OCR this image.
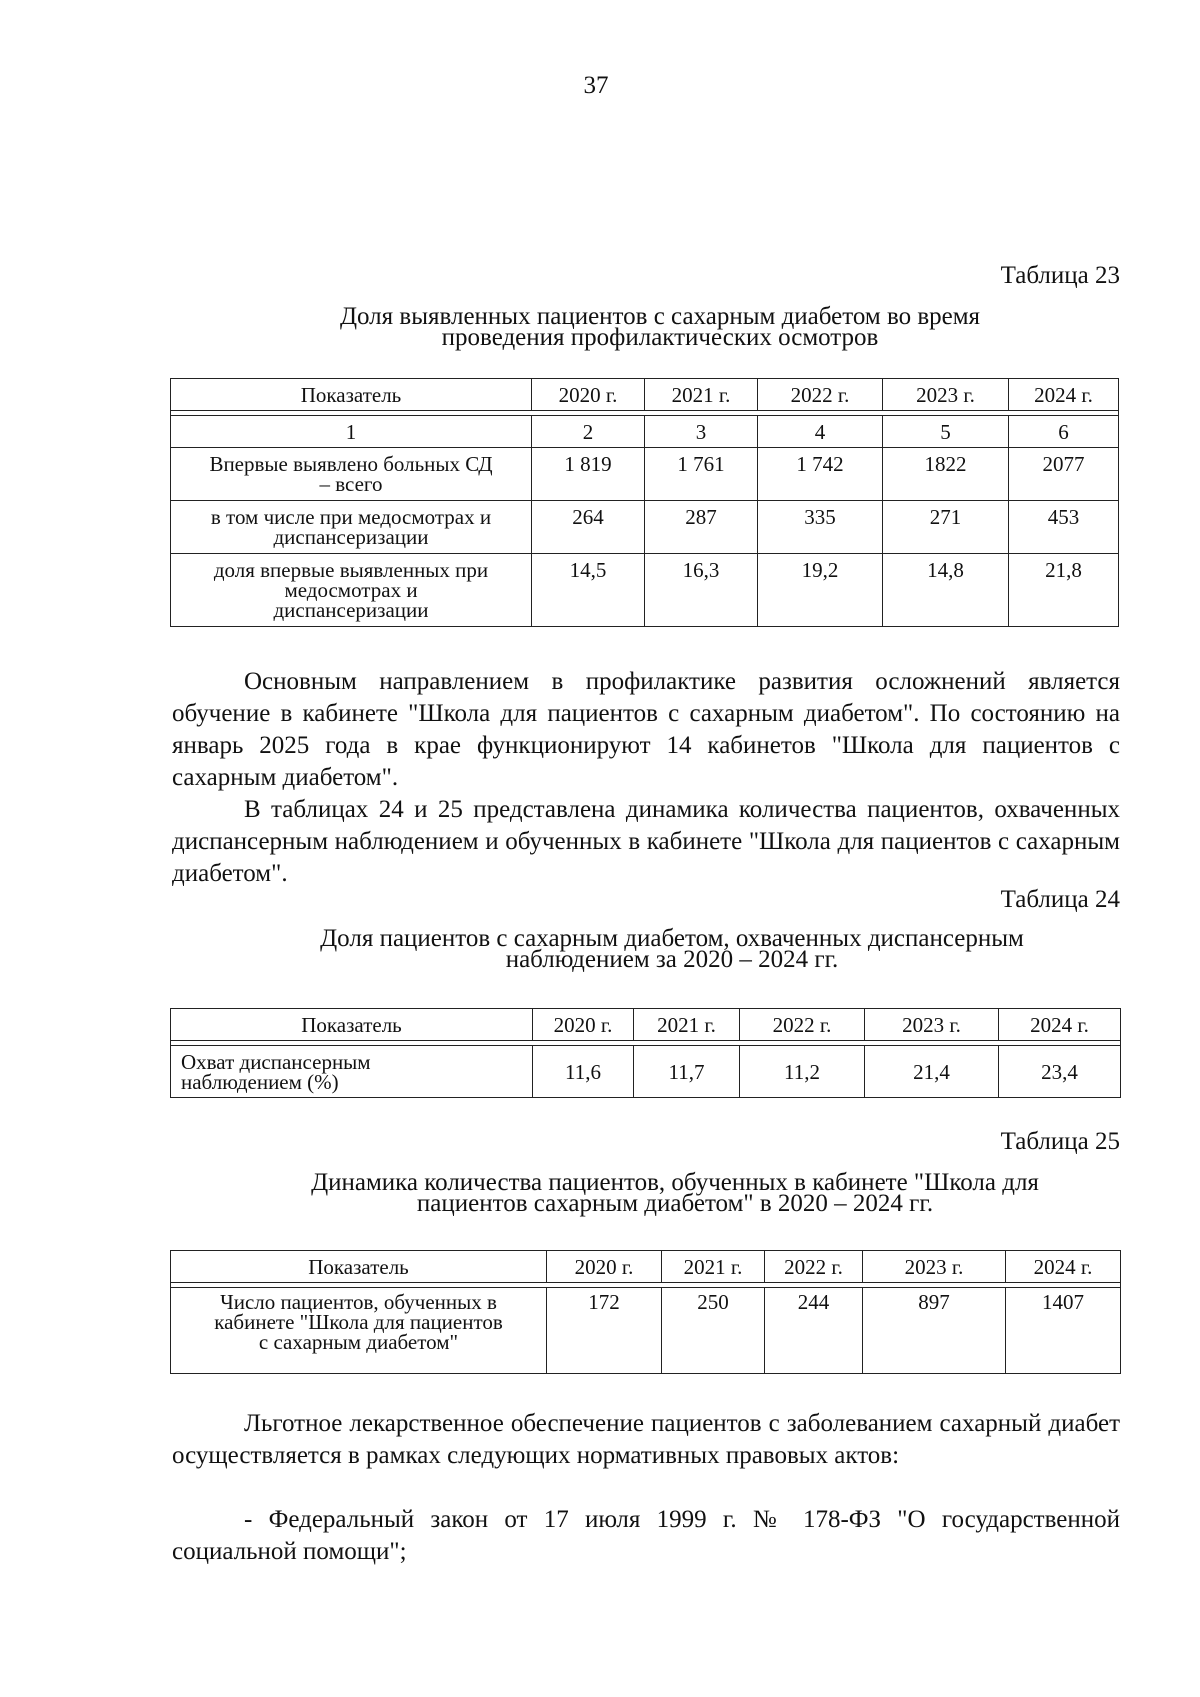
37
Таблица 23
Доля выявленных пациентов с сахарным диабетом во время
проведения профилактических осмотров
Показатель	2020 г.	2021 г.	2022 г.	2023 г.	2024 г.

1	2	3	4	5	6

Впервые выявлено больных СД
– всего	1 819	1 761	1 742	1822	2077

в том числе при медосмотрах и
диспансеризации	264	287	335	271	453

доля впервые выявленных при
медосмотрах и
диспансеризации	14,5	16,3	19,2	14,8	21,8

Основным направлением в профилактике развития осложнений является обучение в кабинете "Школа для пациентов с сахарным диабетом". По состоянию на январь 2025 года в крае функционируют 14 кабинетов "Школа для пациентов с сахарным диабетом".

В таблицах 24 и 25 представлена динамика количества пациентов, охваченных диспансерным наблюдением и обученных в кабинете "Школа для пациентов с сахарным диабетом".

Таблица 24
Доля пациентов с сахарным диабетом, охваченных диспансерным
наблюдением за 2020 – 2024 гг.
Показатель	2020 г.	2021 г.	2022 г.	2023 г.	2024 г.

Охват диспансерным
наблюдением (%)	11,6	11,7	11,2	21,4	23,4
Таблица 25
Динамика количества пациентов, обученных в кабинете "Школа для
пациентов сахарным диабетом" в 2020 – 2024 гг.
Показатель	2020 г.	2021 г.	2022 г.	2023 г.	2024 г.

Число пациентов, обученных в
кабинете "Школа для пациентов
с сахарным диабетом"	172	250	244	897	1407

Льготное лекарственное обеспечение пациентов с заболеванием сахарный диабет осуществляется в рамках следующих нормативных правовых актов:

- Федеральный закон от 17 июля 1999 г. № 178-ФЗ "О государственной социальной помощи";
